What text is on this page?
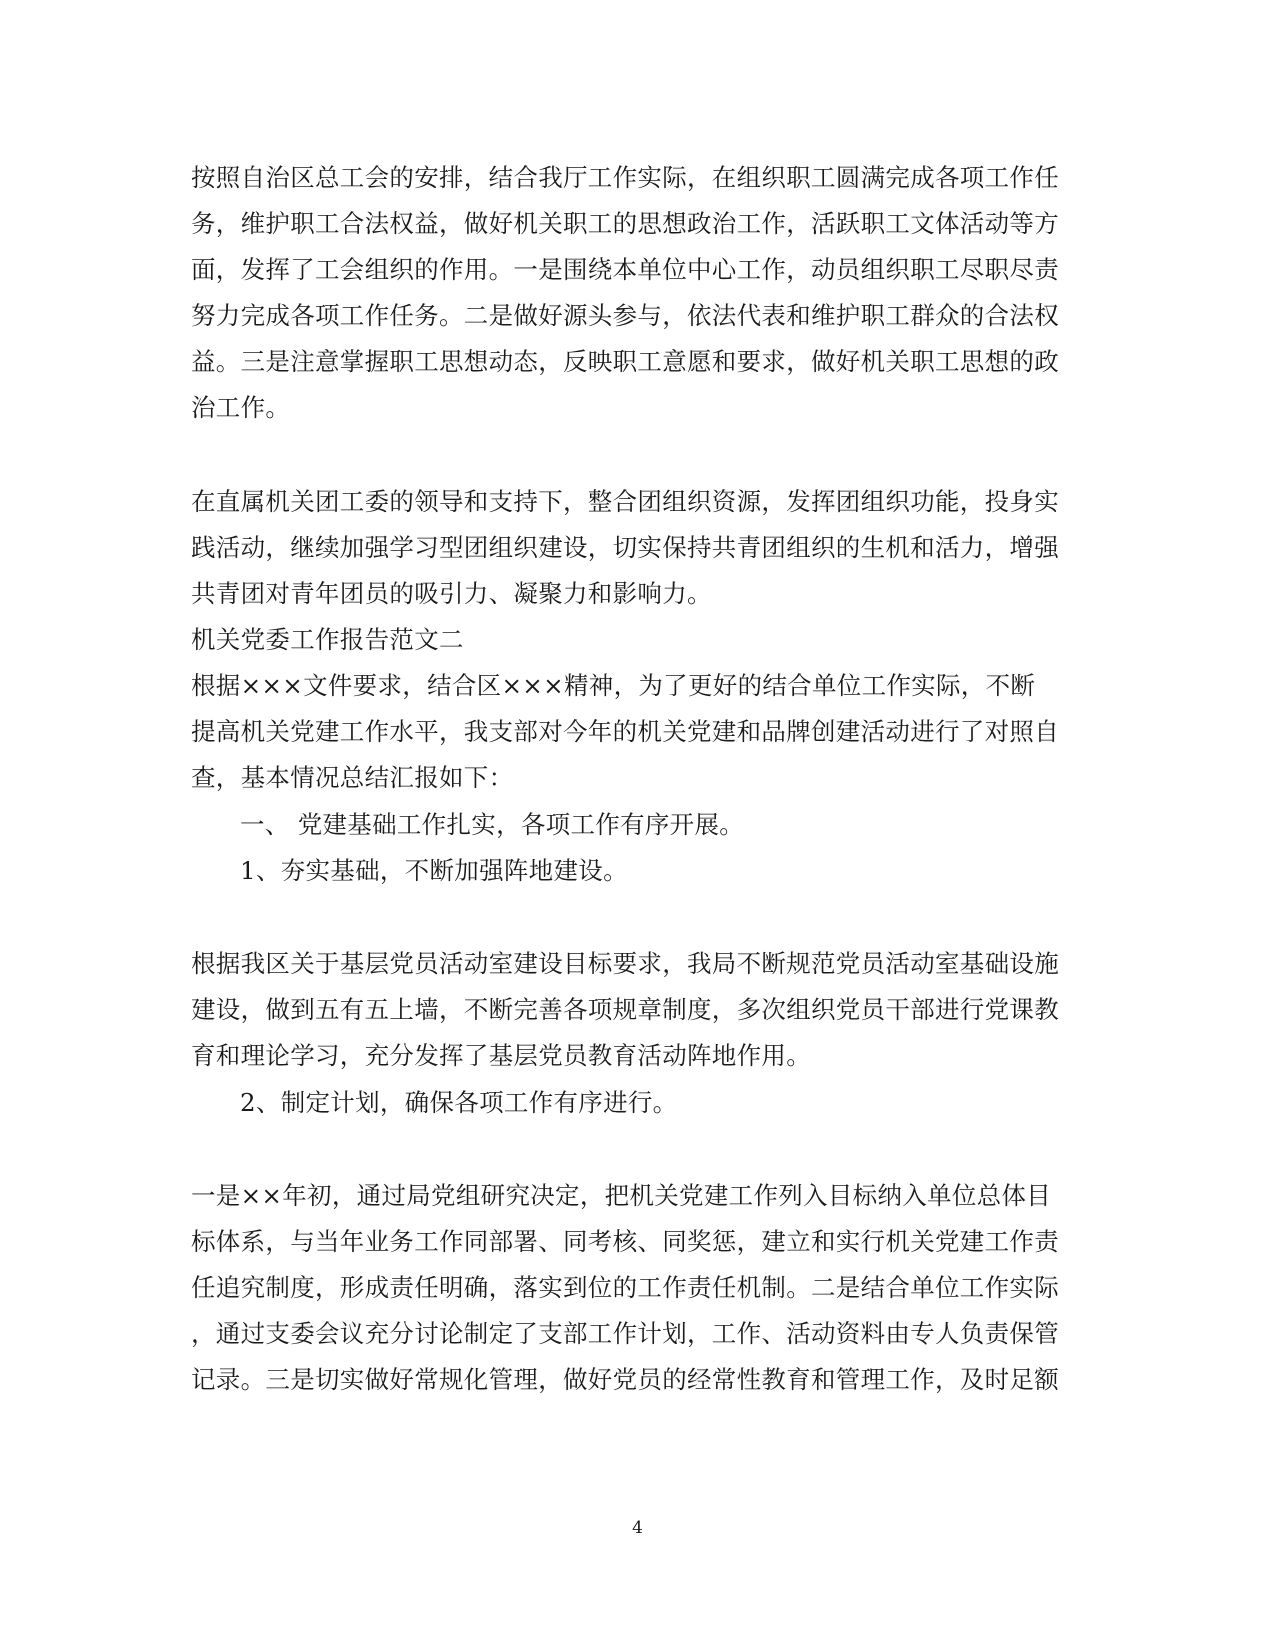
按照自治区总工会的安排，结合我厅工作实际，在组织职工圆满完成各项工作任
务，维护职工合法权益，做好机关职工的思想政治工作，活跃职工文体活动等方
面，发挥了工会组织的作用。一是围绕本单位中心工作，动员组织职工尽职尽责
努力完成各项工作任务。二是做好源头参与，依法代表和维护职工群众的合法权
益。三是注意掌握职工思想动态，反映职工意愿和要求，做好机关职工思想的政
治工作。
在直属机关团工委的领导和支持下，整合团组织资源，发挥团组织功能，投身实
践活动，继续加强学习型团组织建设，切实保持共青团组织的生机和活力，增强
共青团对青年团员的吸引力、凝聚力和影响力。
机关党委工作报告范文二
根据×××文件要求，结合区×××精神，为了更好的结合单位工作实际，不断
提高机关党建工作水平，我支部对今年的机关党建和品牌创建活动进行了对照自
查，基本情况总结汇报如下：
一、 党建基础工作扎实，各项工作有序开展。
1、夯实基础，不断加强阵地建设。
根据我区关于基层党员活动室建设目标要求，我局不断规范党员活动室基础设施
建设，做到五有五上墙，不断完善各项规章制度，多次组织党员干部进行党课教
育和理论学习，充分发挥了基层党员教育活动阵地作用。
2、制定计划，确保各项工作有序进行。
一是××年初，通过局党组研究决定，把机关党建工作列入目标纳入单位总体目
标体系，与当年业务工作同部署、同考核、同奖惩，建立和实行机关党建工作责
任追究制度，形成责任明确，落实到位的工作责任机制。二是结合单位工作实际
，通过支委会议充分讨论制定了支部工作计划，工作、活动资料由专人负责保管
记录。三是切实做好常规化管理，做好党员的经常性教育和管理工作，及时足额
4
